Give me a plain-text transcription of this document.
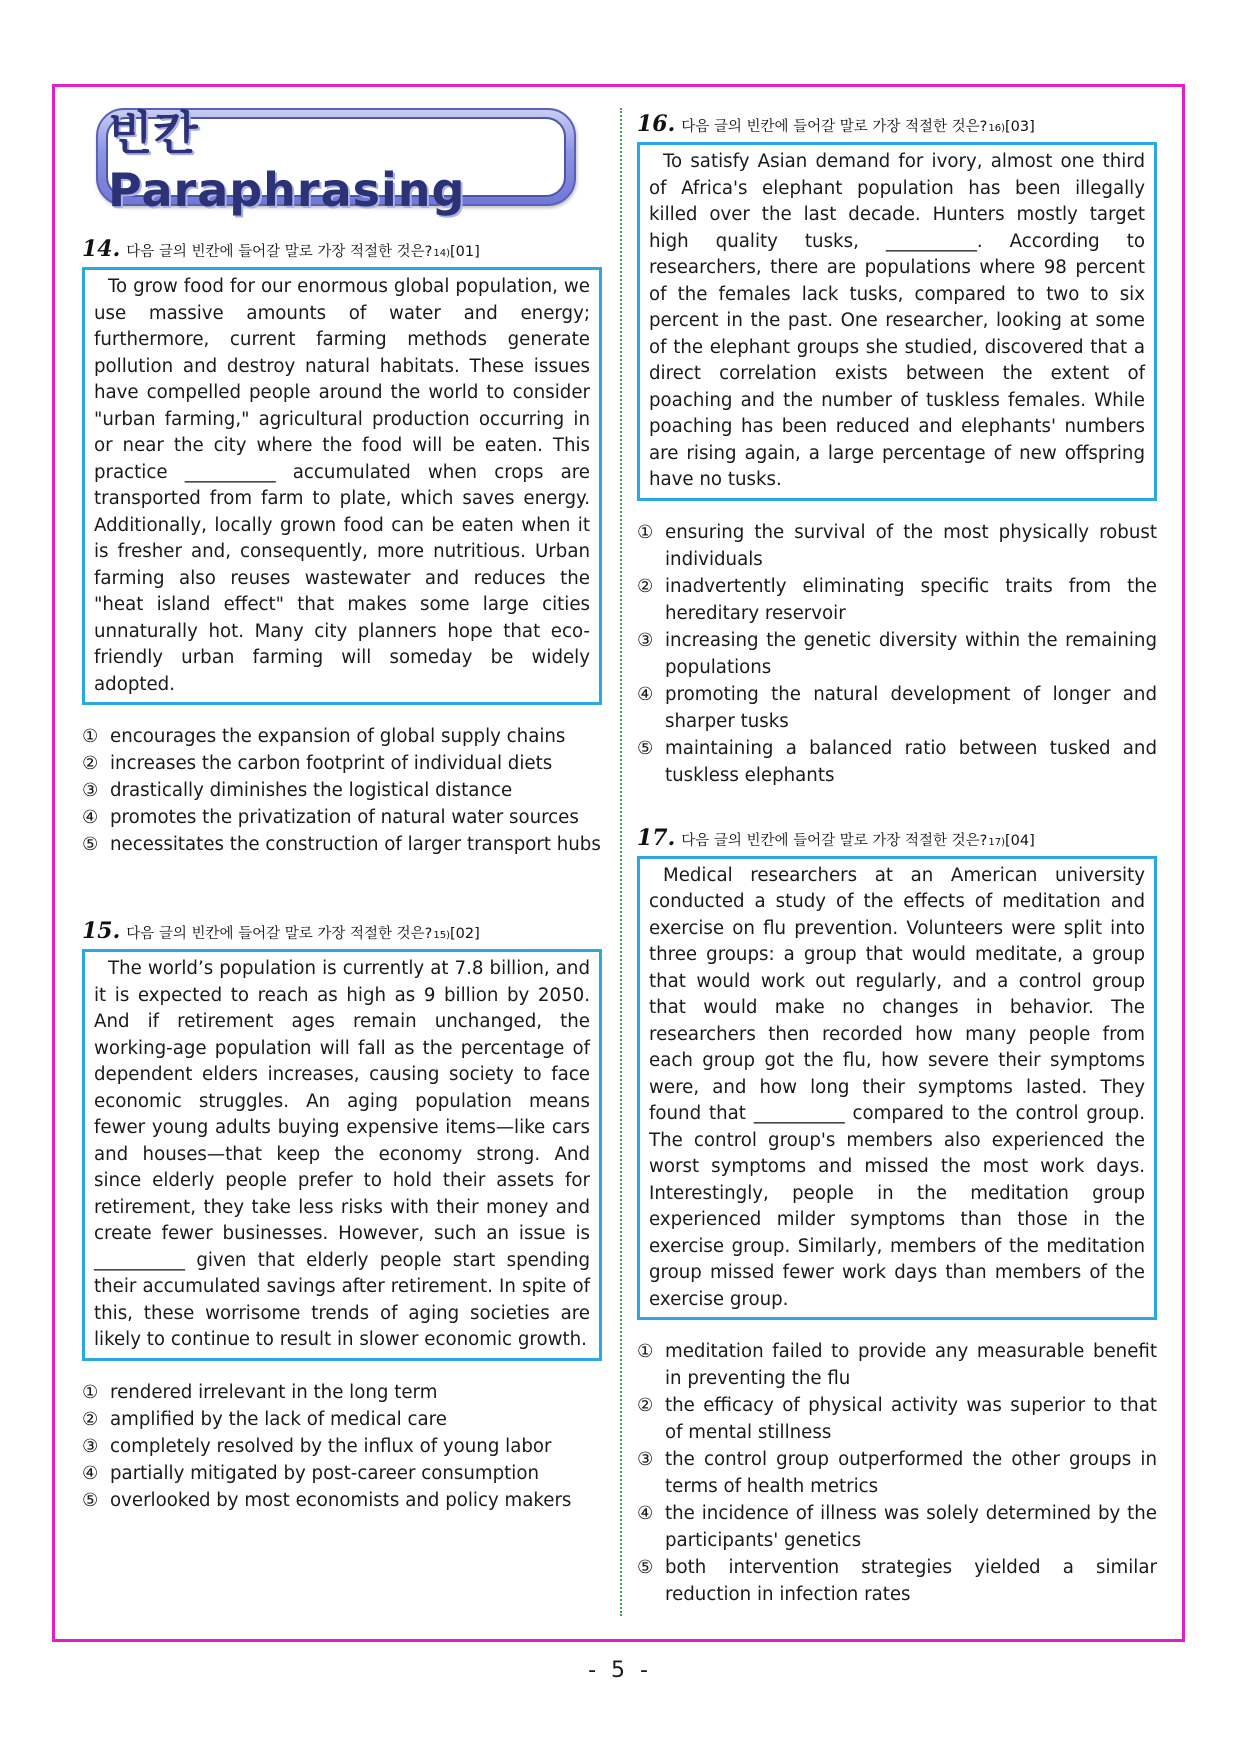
빈칸 Paraphrasing
14. 다음 글의 빈칸에 들어갈 말로 가장 적절한 것은? 14) [01]

To grow food for our enormous global population, we use massive amounts of water and energy; furthermore, current farming methods generate pollution and destroy natural habitats. These issues have compelled people around the world to consider "urban farming," agricultural production occurring in or near the city where the food will be eaten. This practice __________ accumulated when crops are transported from farm to plate, which saves energy. Additionally, locally grown food can be eaten when it is fresher and, consequently, more nutritious. Urban farming also reuses wastewater and reduces the "heat island effect" that makes some large cities unnaturally hot. Many city planners hope that eco-friendly urban farming will someday be widely adopted.

① encourages the expansion of global supply chains
② increases the carbon footprint of individual diets
③ drastically diminishes the logistical distance
④ promotes the privatization of natural water sources
⑤ necessitates the construction of larger transport hubs
15. 다음 글의 빈칸에 들어갈 말로 가장 적절한 것은? 15) [02]

The world’s population is currently at 7.8 billion, and it is expected to reach as high as 9 billion by 2050. And if retirement ages remain unchanged, the working-age population will fall as the percentage of dependent elders increases, causing society to face economic struggles. An aging population means fewer young adults buying expensive items—like cars and houses—that keep the economy strong. And since elderly people prefer to hold their assets for retirement, they take less risks with their money and create fewer businesses. However, such an issue is __________ given that elderly people start spending their accumulated savings after retirement. In spite of this, these worrisome trends of aging societies are likely to continue to result in slower economic growth.

① rendered irrelevant in the long term
② amplified by the lack of medical care
③ completely resolved by the influx of young labor
④ partially mitigated by post-career consumption
⑤ overlooked by most economists and policy makers
16. 다음 글의 빈칸에 들어갈 말로 가장 적절한 것은? 16) [03]

To satisfy Asian demand for ivory, almost one third of Africa's elephant population has been illegally killed over the last decade. Hunters mostly target high quality tusks, __________. According to researchers, there are populations where 98 percent of the females lack tusks, compared to two to six percent in the past. One researcher, looking at some of the elephant groups she studied, discovered that a direct correlation exists between the extent of poaching and the number of tuskless females. While poaching has been reduced and elephants' numbers are rising again, a large percentage of new offspring have no tusks.

① ensuring the survival of the most physically robust individuals
② inadvertently eliminating specific traits from the hereditary reservoir
③ increasing the genetic diversity within the remaining populations
④ promoting the natural development of longer and sharper tusks
⑤ maintaining a balanced ratio between tusked and tuskless elephants
17. 다음 글의 빈칸에 들어갈 말로 가장 적절한 것은? 17) [04]

Medical researchers at an American university conducted a study of the effects of meditation and exercise on flu prevention. Volunteers were split into three groups: a group that would meditate, a group that would work out regularly, and a control group that would make no changes in behavior. The researchers then recorded how many people from each group got the flu, how severe their symptoms were, and how long their symptoms lasted. They found that __________ compared to the control group. The control group's members also experienced the worst symptoms and missed the most work days. Interestingly, people in the meditation group experienced milder symptoms than those in the exercise group. Similarly, members of the meditation group missed fewer work days than members of the exercise group.

① meditation failed to provide any measurable benefit in preventing the flu
② the efficacy of physical activity was superior to that of mental stillness
③ the control group outperformed the other groups in terms of health metrics
④ the incidence of illness was solely determined by the participants' genetics
⑤ both intervention strategies yielded a similar reduction in infection rates
- 5 -
